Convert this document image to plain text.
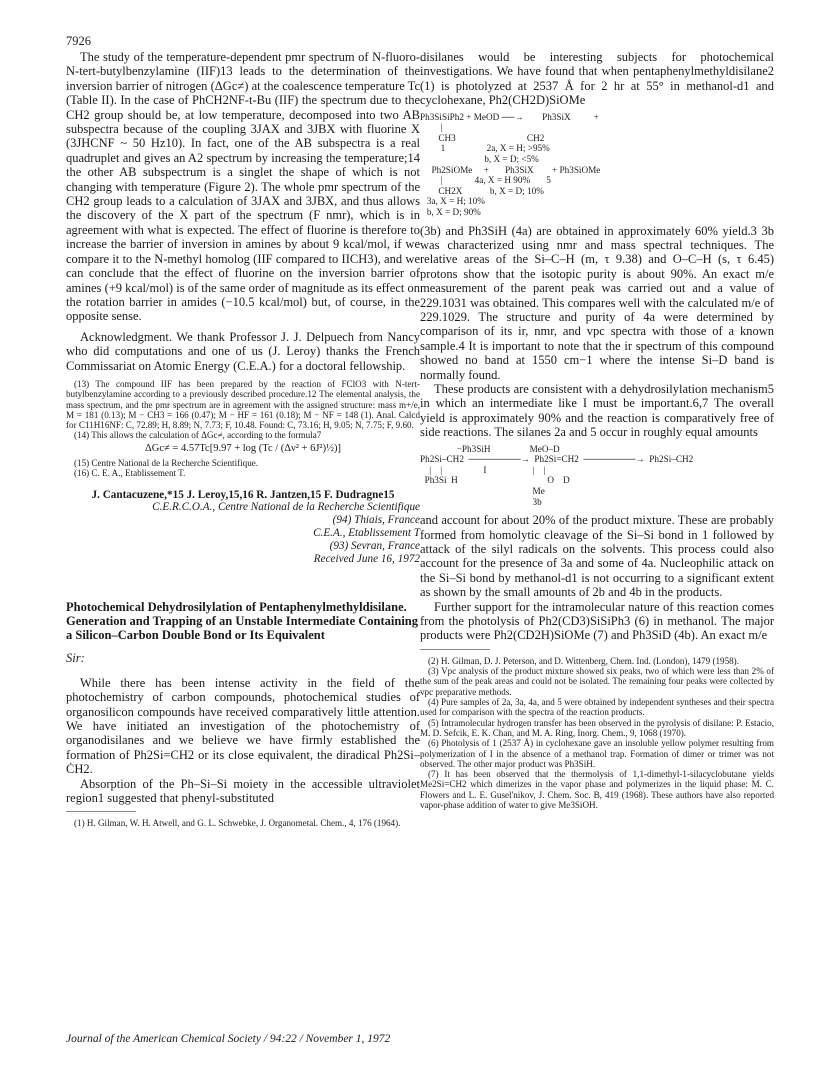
7926

The study of the temperature-dependent pmr spectrum of N-fluoro-N-tert-butylbenzylamine (IIF)13 leads to the determination of the inversion barrier of nitrogen (ΔGc≠) at the coalescence temperature Tc (Table II). In the case of PhCH2NF-t-Bu (IIF) the spectrum due to the CH2 group should be, at low temperature, decomposed into two AB subspectra because of the coupling 3JAX and 3JBX with fluorine X (3JHCNF ~ 50 Hz10). In fact, one of the AB subspectra is a real quadruplet and gives an A2 spectrum by increasing the temperature;14 the other AB subspectrum is a singlet the shape of which is not changing with temperature (Figure 2). The whole pmr spectrum of the CH2 group leads to a calculation of 3JAX and 3JBX, and thus allows the discovery of the X part of the spectrum (F nmr), which is in agreement with what is expected. The effect of fluorine is therefore to increase the barrier of inversion in amines by about 9 kcal/mol, if we compare it to the N-methyl homolog (IIF compared to IICH3), and we can conclude that the effect of fluorine on the inversion barrier of amines (+9 kcal/mol) is of the same order of magnitude as its effect on the rotation barrier in amides (−10.5 kcal/mol) but, of course, in the opposite sense.

Acknowledgment. We thank Professor J. J. Delpuech from Nancy who did computations and one of us (J. Leroy) thanks the French Commissariat on Atomic Energy (C.E.A.) for a doctoral fellowship.

(13) The compound IIF has been prepared by the reaction of FClO3 with N-tert-butylbenzylamine according to a previously described procedure.12 The elemental analysis, the mass spectrum, and the pmr spectrum are in agreement with the assigned structure: mass m+/e, M = 181 (0.13); M − CH3 = 166 (0.47); M − HF = 161 (0.18); M − NF = 148 (1). Anal. Calcd for C11H16NF: C, 72.89; H, 8.89; N, 7.73; F, 10.48. Found: C, 73.16; H, 9.05; N, 7.75; F, 9.60.

(14) This allows the calculation of ΔGc≠, according to the formula7

ΔGc≠ = 4.57Tc[9.97 + log (Tc / (Δν² + 6J²)½)]

(15) Centre National de la Recherche Scientifique.

(16) C. E. A., Etablissement T.

J. Cantacuzene,*15 J. Leroy,15,16 R. Jantzen,15 F. Dudragne15
C.E.R.C.O.A., Centre National de la Recherche Scientifique
(94) Thiais, France
C.E.A., Etablissement T
(93) Sevran, France
Received June 16, 1972
Photochemical Dehydrosilylation of Pentaphenylmethyldisilane. Generation and Trapping of an Unstable Intermediate Containing a Silicon–Carbon Double Bond or Its Equivalent
Sir:

While there has been intense activity in the field of the photochemistry of carbon compounds, photochemical studies of organosilicon compounds have received comparatively little attention. We have initiated an investigation of the photochemistry of organodisilanes and we believe we have firmly established the formation of Ph2Si=CH2 or its close equivalent, the diradical Ph2Si–ĊH2.

Absorption of the Ph–Si–Si moiety in the accessible ultraviolet region1 suggested that phenyl-substituted

(1) H. Gilman, W. H. Atwell, and G. L. Schwebke, J. Organometal. Chem., 4, 176 (1964).

disilanes would be interesting subjects for photochemical investigations. We have found that when pentaphenylmethyldisilane2 (1) is photolyzed at 2537 Å for 2 hr at 55° in methanol-d1 and cyclohexane, Ph2(CH2D)SiOMe

Ph3SiSiPh2 + MeOD ──→        Ph3SiX          +
|
CH3                               CH2
1                  2a, X = H; >95%
b, X = D; <5%
Ph2SiOMe     +       Ph3SiX        + Ph3SiOMe
|              4a, X = H 90%       5
CH2X            b, X = D; 10%
3a, X = H; 10%
b, X = D; 90%

(3b) and Ph3SiH (4a) are obtained in approximately 60% yield.3 3b was characterized using nmr and mass spectral techniques. The relative areas of the Si–C–H (m, τ 9.38) and O–C–H (s, τ 6.45) protons show that the isotopic purity is about 90%. An exact m/e measurement of the parent peak was carried out and a value of 229.1031 was obtained. This compares well with the calculated m/e of 229.1029. The structure and purity of 4a were determined by comparison of its ir, nmr, and vpc spectra with those of a known sample.4 It is important to note that the ir spectrum of this compound showed no band at 1550 cm−1 where the intense Si–D band is normally found.

These products are consistent with a dehydrosilylation mechanism5 in which an intermediate like I must be important.6,7 The overall yield is approximately 90% and the reaction is comparatively free of side reactions. The silanes 2a and 5 occur in roughly equal amounts

−Ph3SiH                 MeO–D
Ph2Si–CH2  ────────→  Ph2Si=CH2  ────────→  Ph2Si–CH2
|    |                  I                    |    |
Ph3Si  H                                       O    D
Me
3b

and account for about 20% of the product mixture. These are probably formed from homolytic cleavage of the Si–Si bond in 1 followed by attack of the silyl radicals on the solvents. This process could also account for the presence of 3a and some of 4a. Nucleophilic attack on the Si–Si bond by methanol-d1 is not occurring to a significant extent as shown by the small amounts of 2b and 4b in the products.

Further support for the intramolecular nature of this reaction comes from the photolysis of Ph2(CD3)SiSiPh3 (6) in methanol. The major products were Ph2(CD2H)SiOMe (7) and Ph3SiD (4b). An exact m/e

(2) H. Gilman, D. J. Peterson, and D. Wittenberg, Chem. Ind. (London), 1479 (1958).

(3) Vpc analysis of the product mixture showed six peaks, two of which were less than 2% of the sum of the peak areas and could not be isolated. The remaining four peaks were collected by vpc preparative methods.

(4) Pure samples of 2a, 3a, 4a, and 5 were obtained by independent syntheses and their spectra used for comparison with the spectra of the reaction products.

(5) Intramolecular hydrogen transfer has been observed in the pyrolysis of disilane: P. Estacio, M. D. Sefcik, E. K. Chan, and M. A. Ring, Inorg. Chem., 9, 1068 (1970).

(6) Photolysis of 1 (2537 Å) in cyclohexane gave an insoluble yellow polymer resulting from polymerization of I in the absence of a methanol trap. Formation of dimer or trimer was not observed. The other major product was Ph3SiH.

(7) It has been observed that the thermolysis of 1,1-dimethyl-1-silacyclobutane yields Me2Si=CH2 which dimerizes in the vapor phase and polymerizes in the liquid phase: M. C. Flowers and L. E. Gusel'nikov, J. Chem. Soc. B, 419 (1968). These authors have also reported vapor-phase addition of water to give Me3SiOH.

Journal of the American Chemical Society / 94:22 / November 1, 1972
